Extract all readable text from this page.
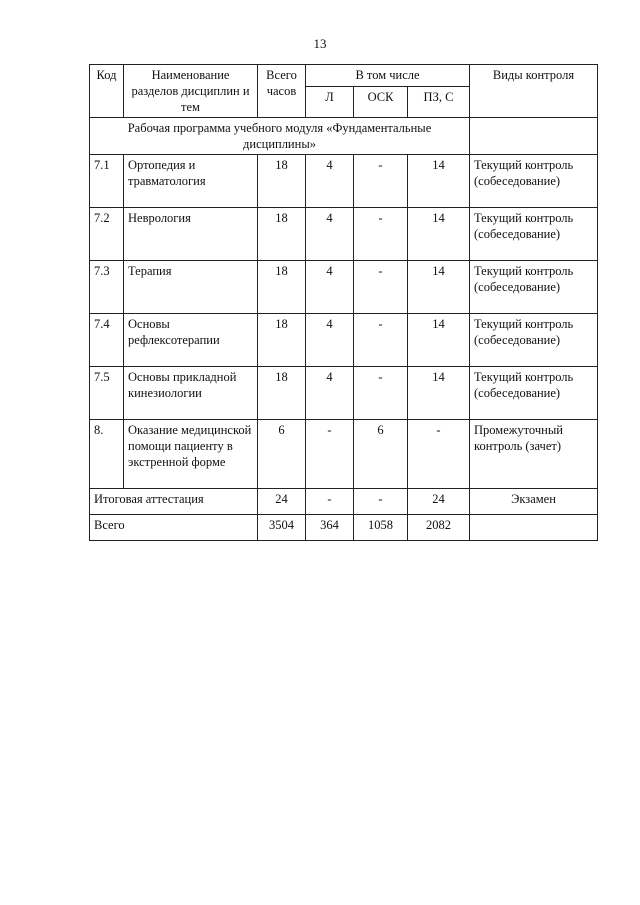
13
Код	Наименование разделов дисциплин и тем	Всего часов	В том числе			Виды контроля
			Л	ОСК	ПЗ, С	
Рабочая программа учебного модуля «Фундаментальные дисциплины»						
7.1	Ортопедия и травматология	18	4	-	14	Текущий контроль (собеседование)
7.2	Неврология	18	4	-	14	Текущий контроль (собеседование)
7.3	Терапия	18	4	-	14	Текущий контроль (собеседование)
7.4	Основы рефлексотерапии	18	4	-	14	Текущий контроль (собеседование)
7.5	Основы прикладной кинезиологии	18	4	-	14	Текущий контроль (собеседование)
8.	Оказание медицинской помощи пациенту в экстренной форме	6	-	6	-	Промежуточный контроль (зачет)
Итоговая аттестация		24	-	-	24	Экзамен
Всего		3504	364	1058	2082	
